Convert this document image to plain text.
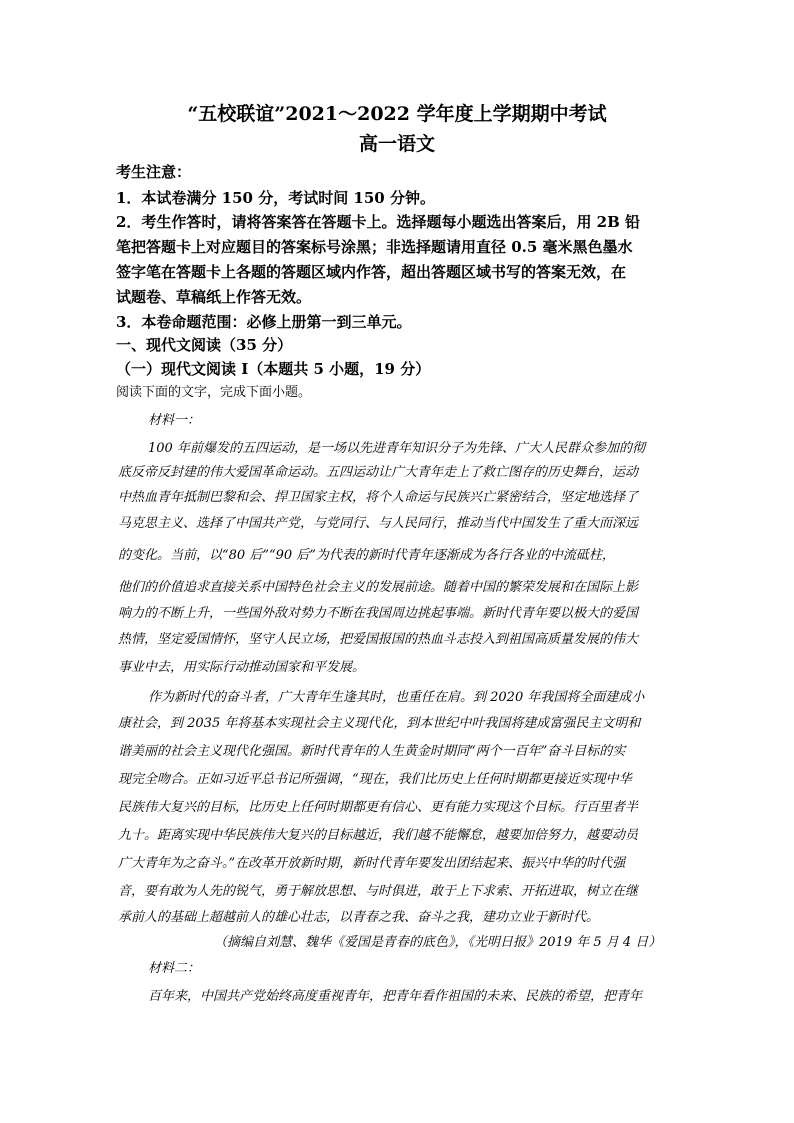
“五校联谊”2021～2022 学年度上学期期中考试
高一语文
考生注意：
1．本试卷满分 150 分，考试时间 150 分钟。
2．考生作答时，请将答案答在答题卡上。选择题每小题选出答案后，用 2B 铅
笔把答题卡上对应题目的答案标号涂黑；非选择题请用直径 0.5 毫米黑色墨水
签字笔在答题卡上各题的答题区域内作答，超出答题区域书写的答案无效，在
试题卷、草稿纸上作答无效。
3．本卷命题范围：必修上册第一到三单元。
一、现代文阅读（35 分）
（一）现代文阅读 I（本题共 5 小题，19 分）
阅读下面的文字，完成下面小题。
材料一：
100 年前爆发的五四运动，是一场以先进青年知识分子为先锋、广大人民群众参加的彻
底反帝反封建的伟大爱国革命运动。五四运动让广大青年走上了救亡图存的历史舞台，运动
中热血青年抵制巴黎和会、捍卫国家主权，将个人命运与民族兴亡紧密结合，坚定地选择了
马克思主义、选择了中国共产党，与党同行、与人民同行，推动当代中国发生了重大而深远
的变化。当前，以“80 后”“90 后”为代表的新时代青年逐渐成为各行各业的中流砥柱，
他们的价值追求直接关系中国特色社会主义的发展前途。随着中国的繁荣发展和在国际上影
响力的不断上升，一些国外敌对势力不断在我国周边挑起事端。新时代青年要以极大的爱国
热情，坚定爱国情怀，坚守人民立场，把爱国报国的热血斗志投入到祖国高质量发展的伟大
事业中去，用实际行动推动国家和平发展。
作为新时代的奋斗者，广大青年生逢其时，也重任在肩。到 2020 年我国将全面建成小
康社会，到 2035 年将基本实现社会主义现代化，到本世纪中叶我国将建成富强民主文明和
谐美丽的社会主义现代化强国。新时代青年的人生黄金时期同“两个一百年”奋斗目标的实
现完全吻合。正如习近平总书记所强调，“现在，我们比历史上任何时期都更接近实现中华
民族伟大复兴的目标，比历史上任何时期都更有信心、更有能力实现这个目标。行百里者半
九十。距离实现中华民族伟大复兴的目标越近，我们越不能懈怠，越要加倍努力，越要动员
广大青年为之奋斗。”在改革开放新时期，新时代青年要发出团结起来、振兴中华的时代强
音，要有敢为人先的锐气，勇于解放思想、与时俱进，敢于上下求索、开拓进取，树立在继
承前人的基础上超越前人的雄心壮志，以青春之我、奋斗之我，建功立业于新时代。
（摘编自刘慧、魏华《爱国是青春的底色》，《光明日报》2019 年 5 月 4 日）
材料二：
百年来，中国共产党始终高度重视青年，把青年看作祖国的未来、民族的希望，把青年
